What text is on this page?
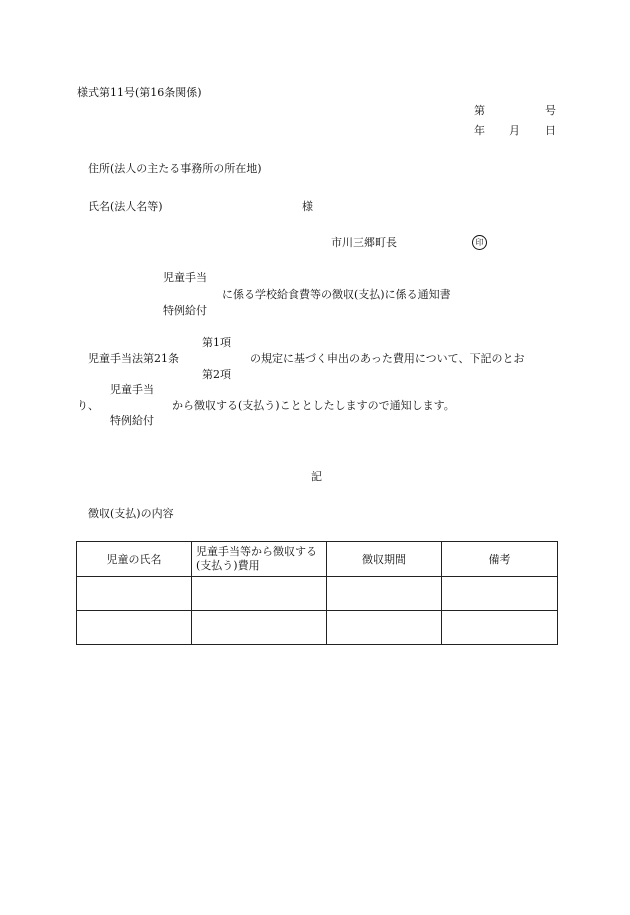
様式第11号(第16条関係)
第	号
年 月 日
住所(法人の主たる事務所の所在地)
氏名(法人名等)	様
市川三郷町長	印
児童手当
に係る学校給食費等の徴収(支払)に係る通知書
特例給付
第1項
児童手当法第21条	の規定に基づく申出のあった費用について、下記のとお
第2項
児童手当
り、	から徴収する(支払う)こととしたしますので通知します。
特例給付
記
徴収(支払)の内容
児童の氏名	児童手当等から徴収する(支払う)費用	徴収期間	備考
